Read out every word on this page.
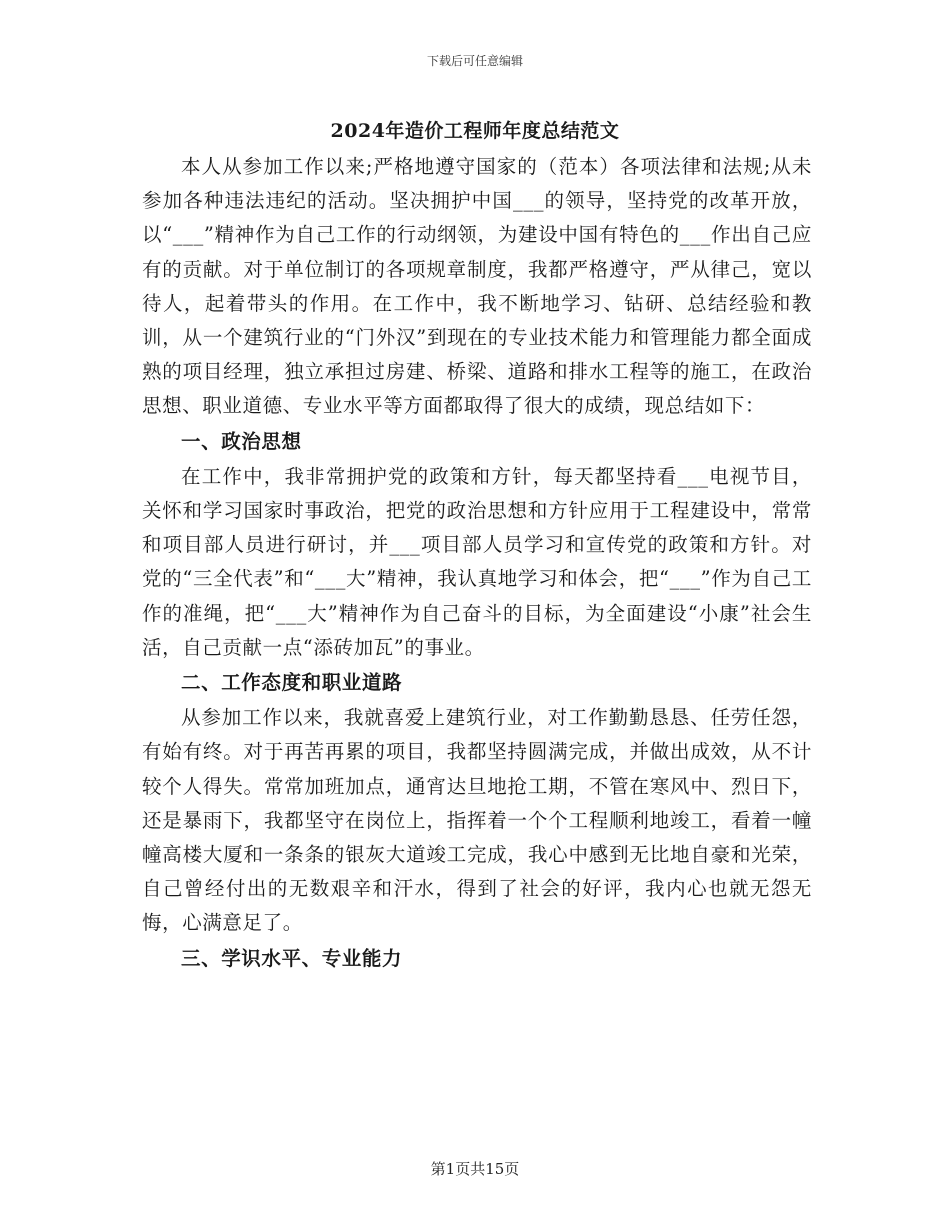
下载后可任意编辑
2024年造价工程师年度总结范文

本人从参加工作以来;严格地遵守国家的（范本）各项法律和法规;从未参加各种违法违纪的活动。坚决拥护中国___的领导，坚持党的改革开放，以“___”精神作为自己工作的行动纲领，为建设中国有特色的___作出自己应有的贡献。对于单位制订的各项规章制度，我都严格遵守，严从律己，宽以待人，起着带头的作用。在工作中，我不断地学习、钻研、总结经验和教训，从一个建筑行业的“门外汉”到现在的专业技术能力和管理能力都全面成熟的项目经理，独立承担过房建、桥梁、道路和排水工程等的施工，在政治思想、职业道德、专业水平等方面都取得了很大的成绩，现总结如下：

一、政治思想

在工作中，我非常拥护党的政策和方针，每天都坚持看___电视节目，关怀和学习国家时事政治，把党的政治思想和方针应用于工程建设中，常常和项目部人员进行研讨，并___项目部人员学习和宣传党的政策和方针。对党的“三全代表”和“___大”精神，我认真地学习和体会，把“___”作为自己工作的准绳，把“___大”精神作为自己奋斗的目标，为全面建设“小康”社会生活，自己贡献一点“添砖加瓦”的事业。

二、工作态度和职业道路

从参加工作以来，我就喜爱上建筑行业，对工作勤勤恳恳、任劳任怨，有始有终。对于再苦再累的项目，我都坚持圆满完成，并做出成效，从不计较个人得失。常常加班加点，通宵达旦地抢工期，不管在寒风中、烈日下，还是暴雨下，我都坚守在岗位上，指挥着一个个工程顺利地竣工，看着一幢幢高楼大厦和一条条的银灰大道竣工完成，我心中感到无比地自豪和光荣，自己曾经付出的无数艰辛和汗水，得到了社会的好评，我内心也就无怨无悔，心满意足了。

三、学识水平、专业能力

第1页共15页
